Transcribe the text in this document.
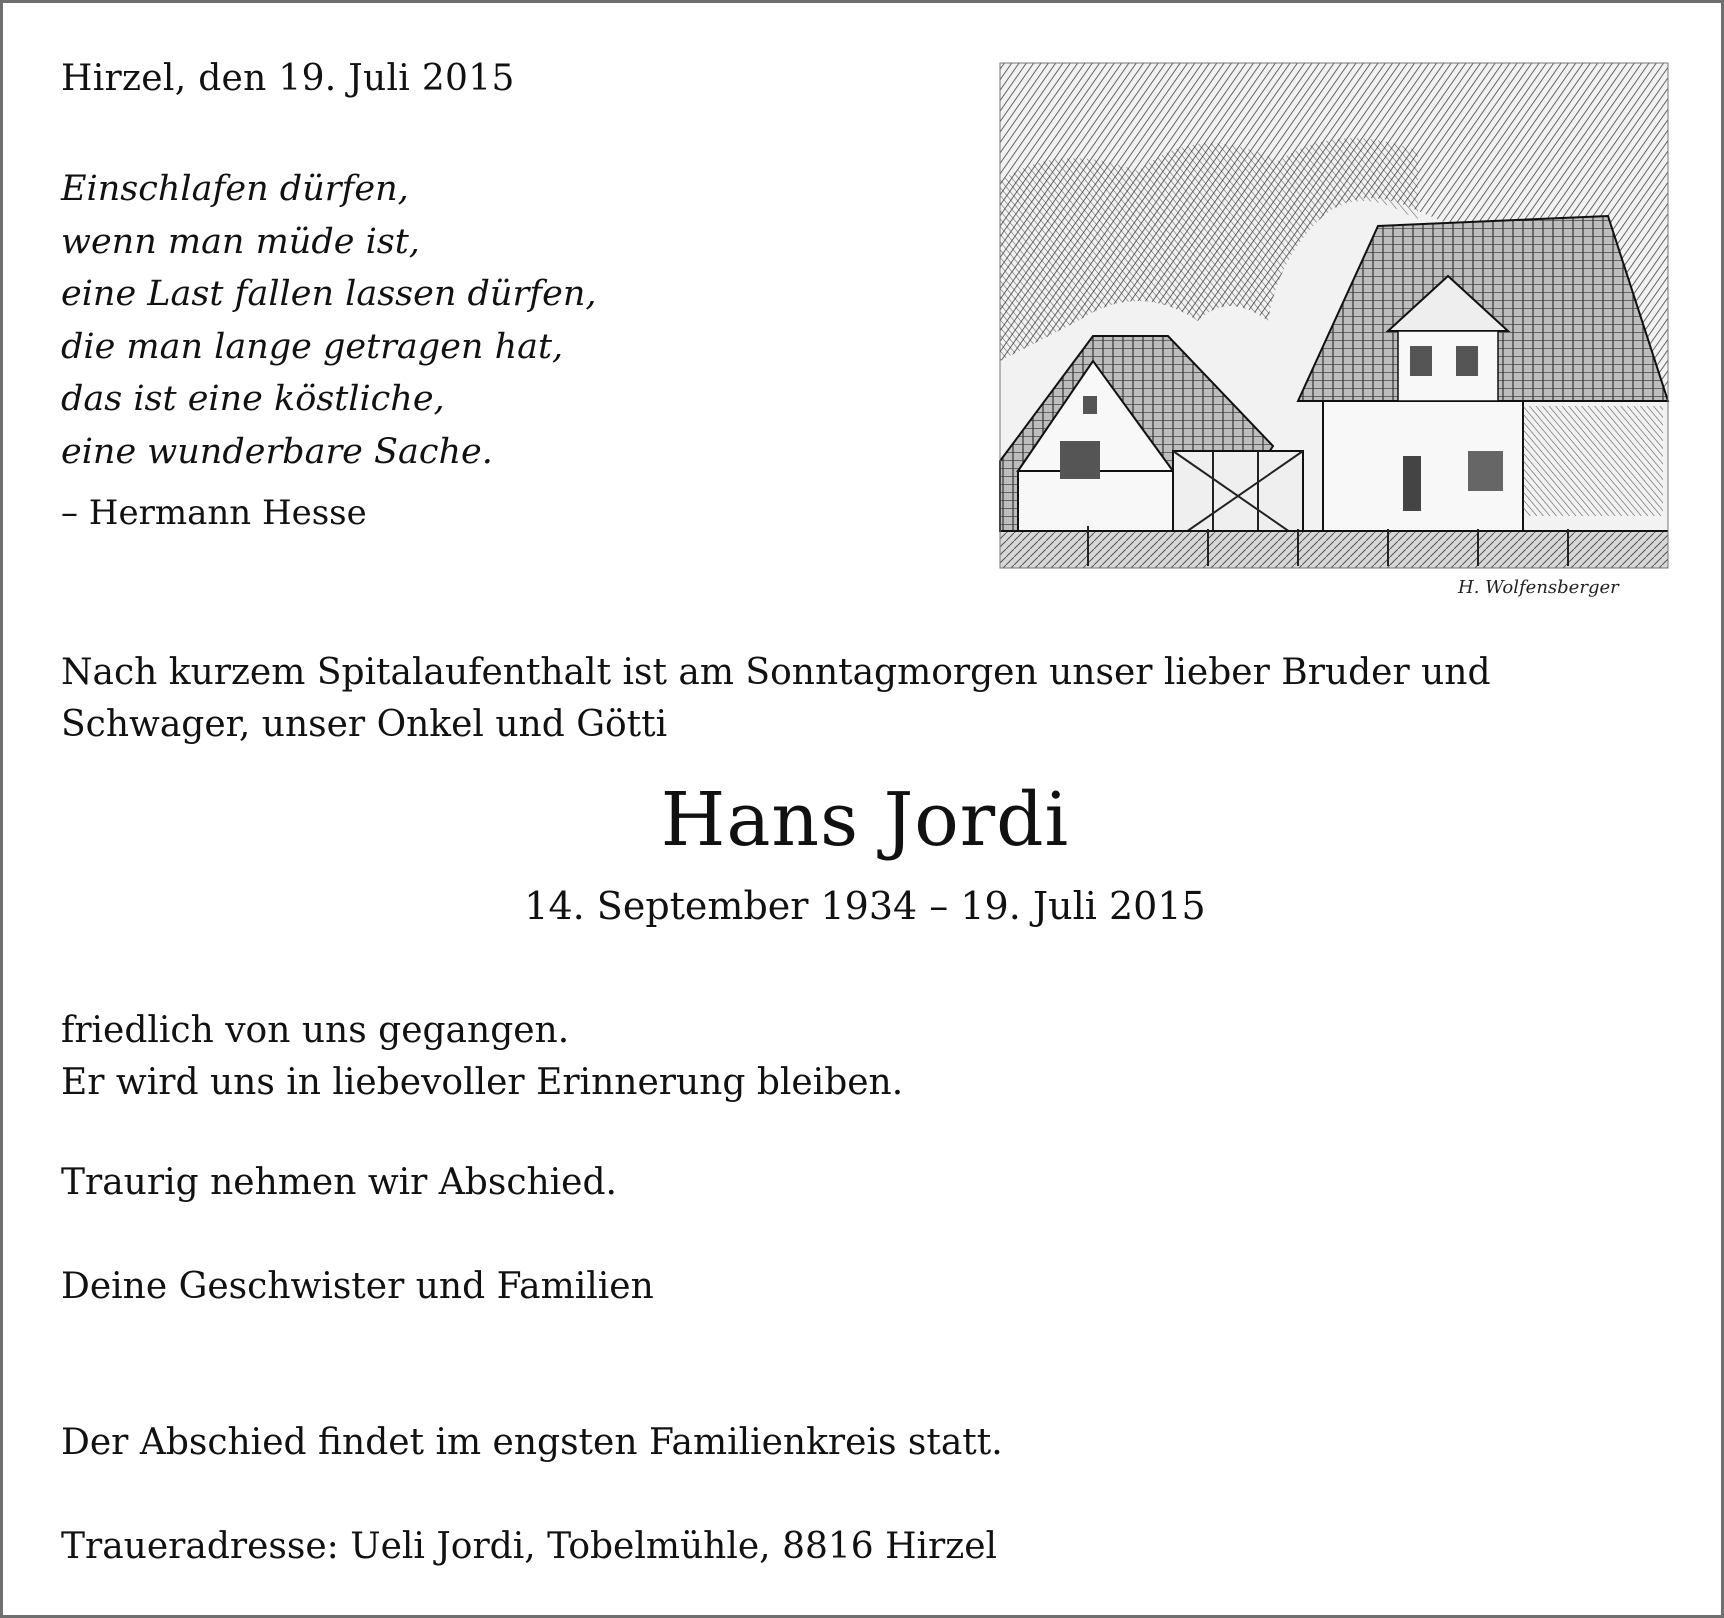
Hirzel, den 19. Juli 2015
Einschlafen dürfen,
wenn man müde ist,
eine Last fallen lassen dürfen,
die man lange getragen hat,
das ist eine köstliche,
eine wunderbare Sache.
– Hermann Hesse
H. Wolfensberger
Nach kurzem Spitalaufenthalt ist am Sonntagmorgen unser lieber Bruder und
Schwager, unser Onkel und Götti
Hans Jordi
14. September 1934 – 19. Juli 2015
friedlich von uns gegangen.
Er wird uns in liebevoller Erinnerung bleiben.
Traurig nehmen wir Abschied.
Deine Geschwister und Familien
Der Abschied findet im engsten Familienkreis statt.
Traueradresse: Ueli Jordi, Tobelmühle, 8816 Hirzel
